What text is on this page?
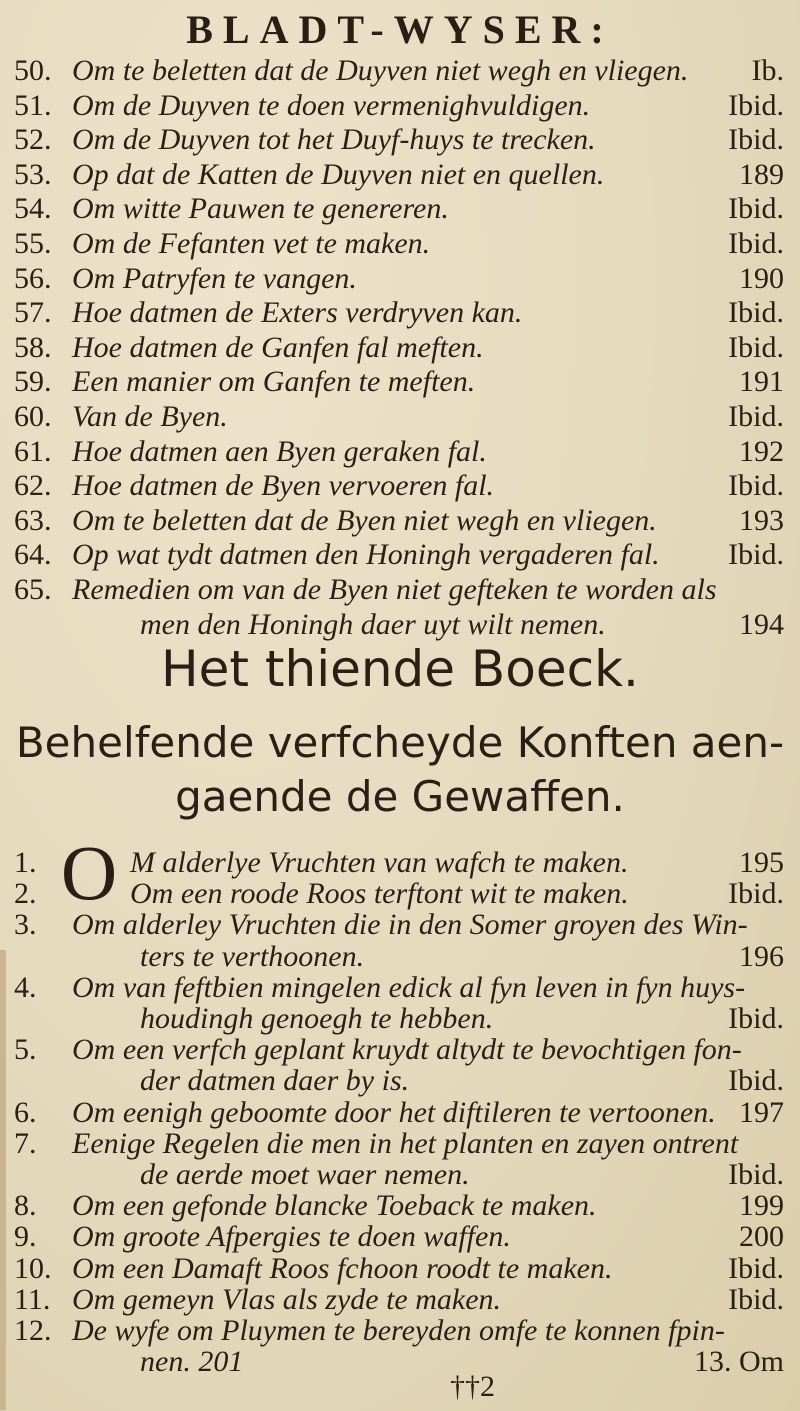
BLADT-WYSER:
50. Om te beletten dat de Duyven niet wegh en vliegen. Ib.
51. Om de Duyven te doen vermenighvuldigen.	Ibid.
52. Om de Duyven tot het Duyf-huys te trecken.	Ibid.
53. Op dat de Katten de Duyven niet en quellen.	189
54. Om witte Pauwen te genereren.	Ibid.
55. Om de Fefanten vet te maken.	Ibid.
56. Om Patryfen te vangen.	190
57. Hoe datmen de Exters verdryven kan.	Ibid.
58. Hoe datmen de Ganfen fal meften.	Ibid.
59. Een manier om Ganfen te meften.	191
60. Van de Byen.	Ibid.
61. Hoe datmen aen Byen geraken fal.	192
62. Hoe datmen de Byen vervoeren fal.	Ibid.
63. Om te beletten dat de Byen niet wegh en vliegen.	193
64. Op wat tydt datmen den Honingh vergaderen fal. Ibid.
65. Remedien om van de Byen niet gefteken te worden als
men den Honingh daer uyt wilt nemen.	194
Het thiende Boeck.
Behelfende verfcheyde Konften aen-
gaende de Gewaffen.
O
1.	M alderlye Vruchten van wafch te maken.	195
2.	Om een roode Roos terftont wit te maken.	Ibid.
3. Om alderley Vruchten die in den Somer groyen des Win-
ters te verthoonen.	196
4. Om van feftbien mingelen edick al fyn leven in fyn huys-
houdingh genoegh te hebben.	Ibid.
5. Om een verfch geplant kruydt altydt te bevochtigen fon-
der datmen daer by is.	Ibid.
6. Om eenigh geboomte door het diftileren te vertoonen. 197
7. Eenige Regelen die men in het planten en zayen ontrent
de aerde moet waer nemen.	Ibid.
8. Om een gefonde blancke Toeback te maken.	199
9. Om groote Afpergies te doen waffen.	200
10. Om een Damaft Roos fchoon roodt te maken.	Ibid.
11. Om gemeyn Vlas als zyde te maken.	Ibid.
12. De wyfe om Pluymen te bereyden omfe te konnen fpin-
nen. 201	13. Om
††2
